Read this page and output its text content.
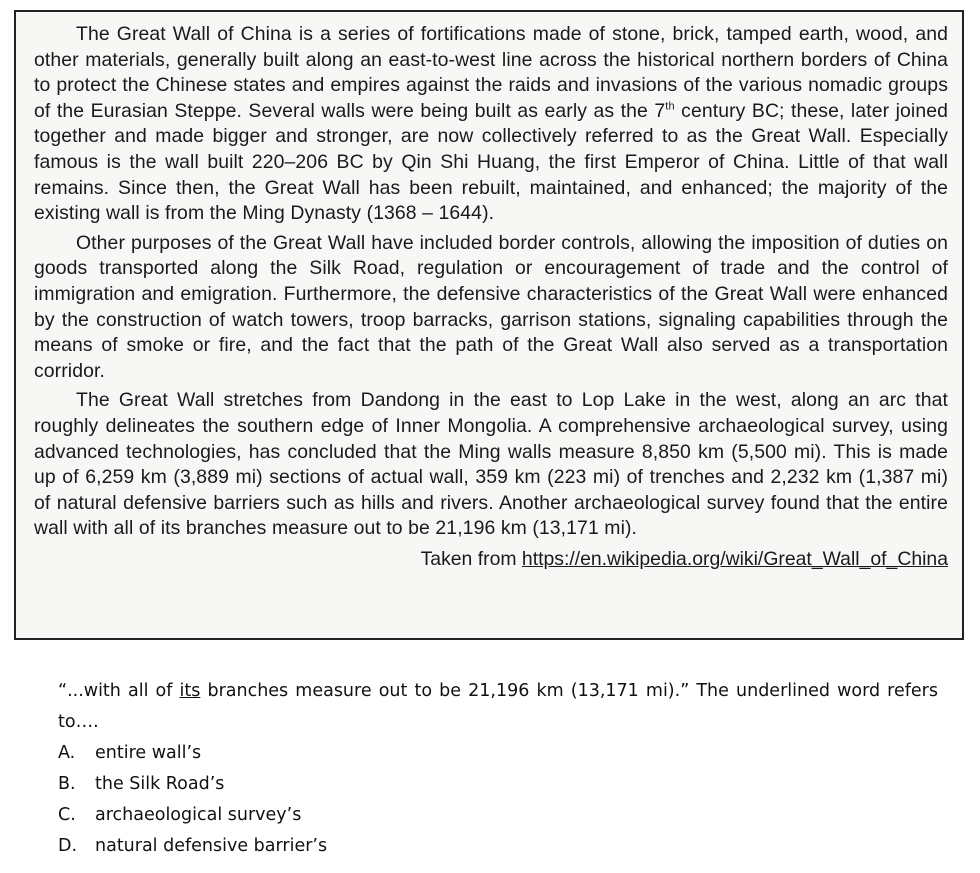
The Great Wall of China is a series of fortifications made of stone, brick, tamped earth, wood, and other materials, generally built along an east-to-west line across the historical northern borders of China to protect the Chinese states and empires against the raids and invasions of the various nomadic groups of the Eurasian Steppe. Several walls were being built as early as the 7th century BC; these, later joined together and made bigger and stronger, are now collectively referred to as the Great Wall. Especially famous is the wall built 220–206 BC by Qin Shi Huang, the first Emperor of China. Little of that wall remains. Since then, the Great Wall has been rebuilt, maintained, and enhanced; the majority of the existing wall is from the Ming Dynasty (1368 – 1644).

Other purposes of the Great Wall have included border controls, allowing the imposition of duties on goods transported along the Silk Road, regulation or encouragement of trade and the control of immigration and emigration. Furthermore, the defensive characteristics of the Great Wall were enhanced by the construction of watch towers, troop barracks, garrison stations, signaling capabilities through the means of smoke or fire, and the fact that the path of the Great Wall also served as a transportation corridor.

The Great Wall stretches from Dandong in the east to Lop Lake in the west, along an arc that roughly delineates the southern edge of Inner Mongolia. A comprehensive archaeological survey, using advanced technologies, has concluded that the Ming walls measure 8,850 km (5,500 mi). This is made up of 6,259 km (3,889 mi) sections of actual wall, 359 km (223 mi) of trenches and 2,232 km (1,387 mi) of natural defensive barriers such as hills and rivers. Another archaeological survey found that the entire wall with all of its branches measure out to be 21,196 km (13,171 mi).

Taken from https://en.wikipedia.org/wiki/Great_Wall_of_China

“...with all of its branches measure out to be 21,196 km (13,171 mi).” The underlined word refers to….

A.	entire wall’s
B.	the Silk Road’s
C.	archaeological survey’s
D.	natural defensive barrier’s
